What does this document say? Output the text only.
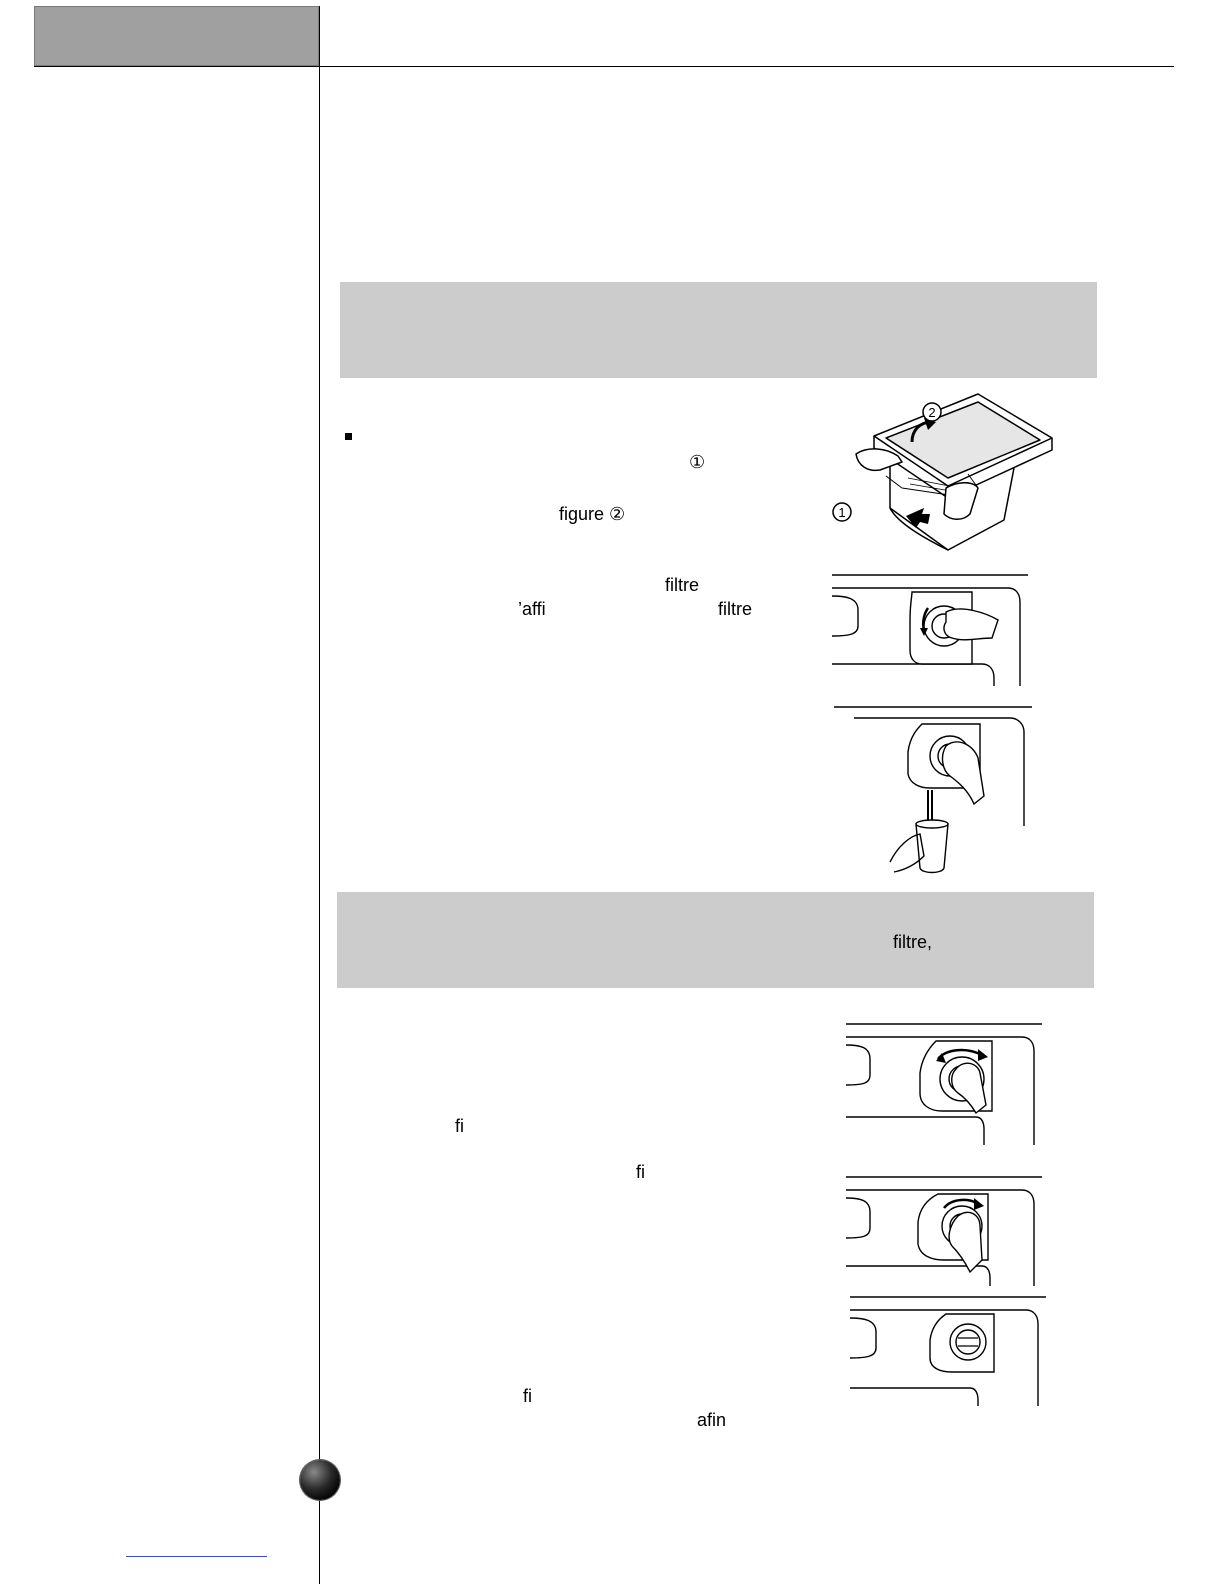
filtre,
①
figure ②
filtre
’affi	filtre
fi
fi
fi
afin
2
1
